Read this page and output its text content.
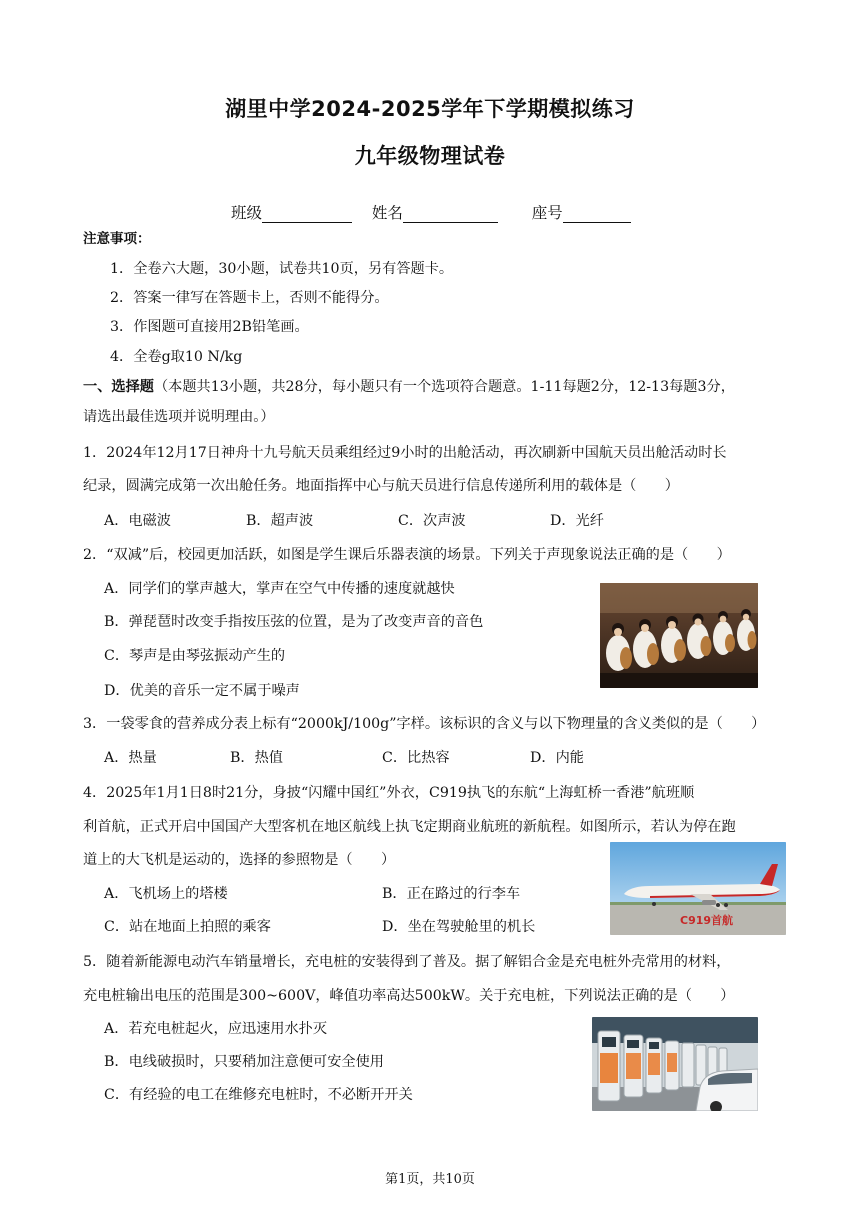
湖里中学2024-2025学年下学期模拟练习
九年级物理试卷
班级	姓名	座号
注意事项：
1．全卷六大题，30小题，试卷共10页，另有答题卡。
2．答案一律写在答题卡上，否则不能得分。
3．作图题可直接用2B铅笔画。
4．全卷g取10 N/kg
一、选择题（本题共13小题，共28分，每小题只有一个选项符合题意。1-11每题2分，12-13每题3分，
请选出最佳选项并说明理由。）
1．2024年12月17日神舟十九号航天员乘组经过9小时的出舱活动，再次刷新中国航天员出舱活动时长
纪录，圆满完成第一次出舱任务。地面指挥中心与航天员进行信息传递所利用的载体是（　　）
A．电磁波	B．超声波	C．次声波	D．光纤
2．“双减”后，校园更加活跃，如图是学生课后乐器表演的场景。下列关于声现象说法正确的是（　　）
A．同学们的掌声越大，掌声在空气中传播的速度就越快
B．弹琵琶时改变手指按压弦的位置，是为了改变声音的音色
C．琴声是由琴弦振动产生的
D．优美的音乐一定不属于噪声
3．一袋零食的营养成分表上标有“2000kJ/100g”字样。该标识的含义与以下物理量的含义类似的是（　　）
A．热量	B．热值	C．比热容	D．内能
4．2025年1月1日8时21分，身披“闪耀中国红”外衣，C919执飞的东航“上海虹桥一香港”航班顺
利首航，正式开启中国国产大型客机在地区航线上执飞定期商业航班的新航程。如图所示，若认为停在跑
道上的大飞机是运动的，选择的参照物是（　　）
A．飞机场上的塔楼	B．正在路过的行李车
C．站在地面上拍照的乘客	D．坐在驾驶舱里的机长	C919首航
5．随着新能源电动汽车销量增长，充电桩的安装得到了普及。据了解铝合金是充电桩外壳常用的材料，
充电桩输出电压的范围是300~600V，峰值功率高达500kW。关于充电桩，下列说法正确的是（　　）
A．若充电桩起火，应迅速用水扑灭
B．电线破损时，只要稍加注意便可安全使用
C．有经验的电工在维修充电桩时，不必断开开关
第1页，共10页
